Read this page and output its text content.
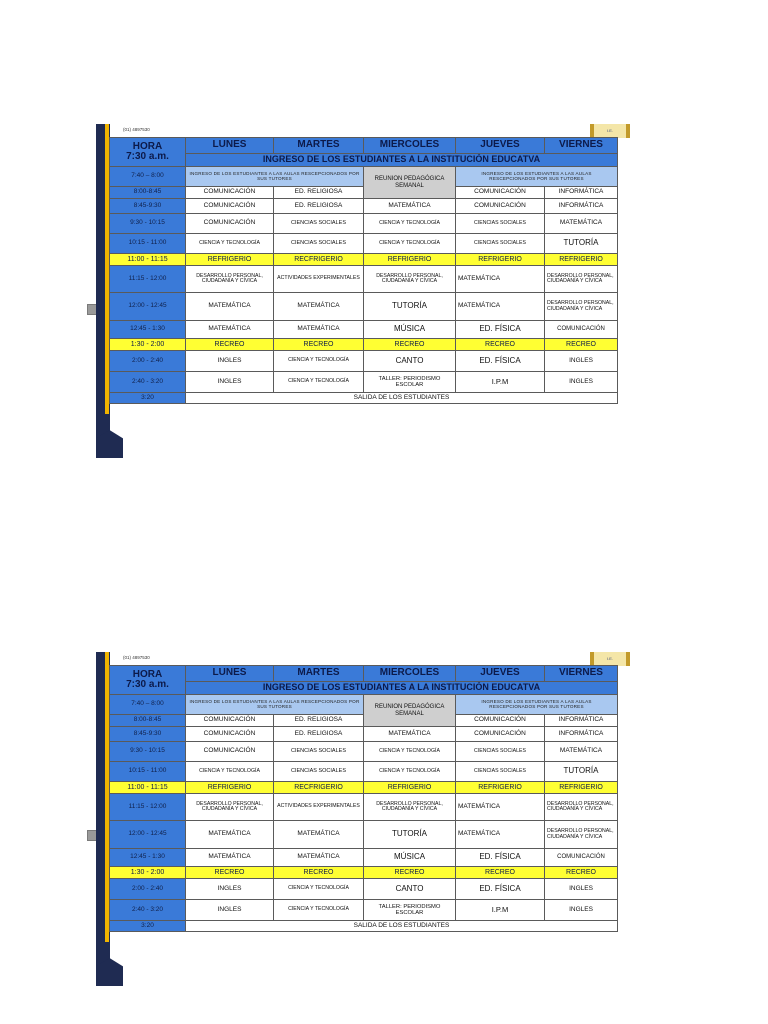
(01) 4897530	I.E.
HORA
7:30 a.m.	LUNES	MARTES	MIERCOLES	JUEVES	VIERNES
	INGRESO DE LOS ESTUDIANTES A LA INSTITUCIÓN EDUCATVA				
7:40 – 8:00	INGRESO DE LOS ESTUDIANTES A LAS AULAS RESCEPCIONADOS POR SUS TUTORES		REUNION PEDAGÓGICA SEMANAL	INGRESO DE LOS ESTUDIANTES A LAS AULAS RESCEPCIONADOS POR SUS TUTORES	
8:00-8:45	COMUNICACIÓN	ED. RELIGIOSA		COMUNICACIÓN	INFORMÁTICA
8:45-9:30	COMUNICACIÓN	ED. RELIGIOSA	MATEMÁTICA	COMUNICACIÓN	INFORMÁTICA
9:30 - 10:15	COMUNICACIÓN	CIENCIAS SOCIALES	CIENCIA Y TECNOLOGÍA	CIENCIAS SOCIALES	MATEMÁTICA
10:15 - 11:00	CIENCIA Y TECNOLOGÍA	CIENCIAS SOCIALES	CIENCIA Y TECNOLOGÍA	CIENCIAS SOCIALES	TUTORÍA
11:00 - 11:15	REFRIGERIO	RECFRIGERIO	REFRIGERIO	REFRIGERIO	REFRIGERIO
11:15 - 12:00	DESARROLLO PERSONAL, CIUDADANÍA Y CÍVICA	ACTIVIDADES EXPERIMENTALES	DESARROLLO PERSONAL, CIUDADANÍA Y CÍVICA	MATEMÁTICA	DESARROLLO PERSONAL, CIUDADANÍA Y CÍVICA
12:00 - 12:45	MATEMÁTICA	MATEMÁTICA	TUTORÍA	MATEMÁTICA	DESARROLLO PERSONAL, CIUDADANÍA Y CÍVICA
12:45 - 1:30	MATEMÁTICA	MATEMÁTICA	MÚSICA	ED. FÍSICA	COMUNICACIÓN
1:30 - 2:00	RECREO	RECREO	RECREO	RECREO	RECREO
2:00 - 2:40	INGLES	CIENCIA Y TECNOLOGÍA	CANTO	ED. FÍSICA	INGLES
2:40 - 3:20	INGLES	CIENCIA Y TECNOLOGÍA	TALLER: PERIODISMO ESCOLAR	I.P.M	INGLES
3:20	SALIDA DE LOS ESTUDIANTES				
(01) 4897530	I.E.
HORA
7:30 a.m.	LUNES	MARTES	MIERCOLES	JUEVES	VIERNES
	INGRESO DE LOS ESTUDIANTES A LA INSTITUCIÓN EDUCATVA				
7:40 – 8:00	INGRESO DE LOS ESTUDIANTES A LAS AULAS RESCEPCIONADOS POR SUS TUTORES		REUNION PEDAGÓGICA SEMANAL	INGRESO DE LOS ESTUDIANTES A LAS AULAS RESCEPCIONADOS POR SUS TUTORES	
8:00-8:45	COMUNICACIÓN	ED. RELIGIOSA		COMUNICACIÓN	INFORMÁTICA
8:45-9:30	COMUNICACIÓN	ED. RELIGIOSA	MATEMÁTICA	COMUNICACIÓN	INFORMÁTICA
9:30 - 10:15	COMUNICACIÓN	CIENCIAS SOCIALES	CIENCIA Y TECNOLOGÍA	CIENCIAS SOCIALES	MATEMÁTICA
10:15 - 11:00	CIENCIA Y TECNOLOGÍA	CIENCIAS SOCIALES	CIENCIA Y TECNOLOGÍA	CIENCIAS SOCIALES	TUTORÍA
11:00 - 11:15	REFRIGERIO	RECFRIGERIO	REFRIGERIO	REFRIGERIO	REFRIGERIO
11:15 - 12:00	DESARROLLO PERSONAL, CIUDADANÍA Y CÍVICA	ACTIVIDADES EXPERIMENTALES	DESARROLLO PERSONAL, CIUDADANÍA Y CÍVICA	MATEMÁTICA	DESARROLLO PERSONAL, CIUDADANÍA Y CÍVICA
12:00 - 12:45	MATEMÁTICA	MATEMÁTICA	TUTORÍA	MATEMÁTICA	DESARROLLO PERSONAL, CIUDADANÍA Y CÍVICA
12:45 - 1:30	MATEMÁTICA	MATEMÁTICA	MÚSICA	ED. FÍSICA	COMUNICACIÓN
1:30 - 2:00	RECREO	RECREO	RECREO	RECREO	RECREO
2:00 - 2:40	INGLES	CIENCIA Y TECNOLOGÍA	CANTO	ED. FÍSICA	INGLES
2:40 - 3:20	INGLES	CIENCIA Y TECNOLOGÍA	TALLER: PERIODISMO ESCOLAR	I.P.M	INGLES
3:20	SALIDA DE LOS ESTUDIANTES				
